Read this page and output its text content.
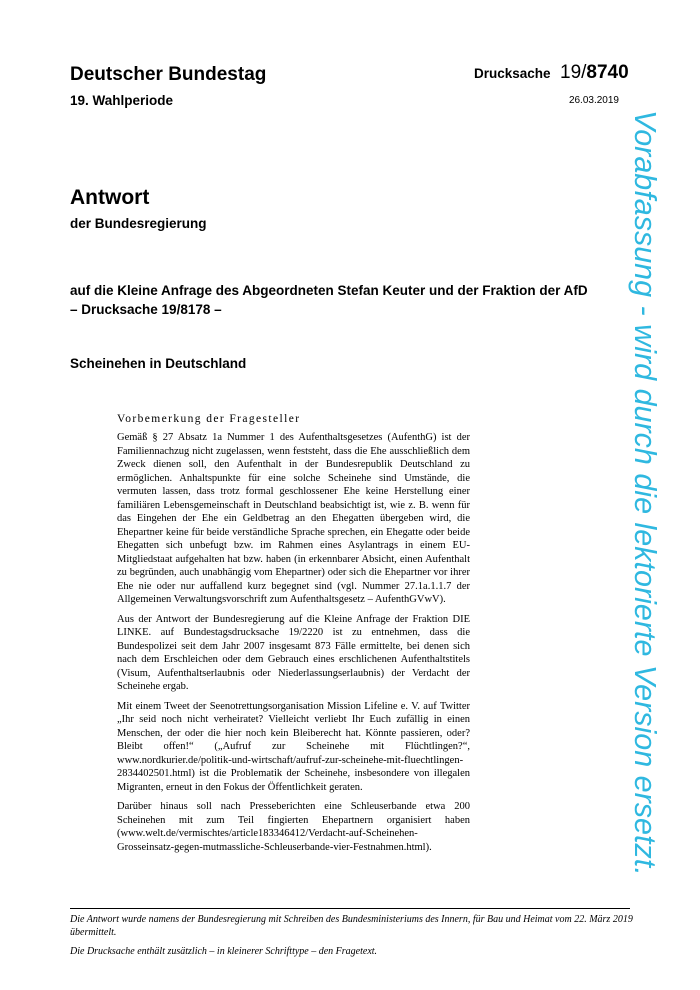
Deutscher Bundestag
19. Wahlperiode
Drucksache 19/8740
26.03.2019
Antwort
der Bundesregierung
auf die Kleine Anfrage des Abgeordneten Stefan Keuter und der Fraktion der AfD
– Drucksache 19/8178 –
Scheinehen in Deutschland
Vorbemerkung der Fragesteller

Gemäß § 27 Absatz 1a Nummer 1 des Aufenthaltsgesetzes (AufenthG) ist der Familiennachzug nicht zugelassen, wenn feststeht, dass die Ehe ausschließlich dem Zweck dienen soll, den Aufenthalt in der Bundesrepublik Deutschland zu ermöglichen. Anhaltspunkte für eine solche Scheinehe sind Umstände, die vermuten lassen, dass trotz formal geschlossener Ehe keine Herstellung einer familiären Lebensgemeinschaft in Deutschland beabsichtigt ist, wie z. B. wenn für das Eingehen der Ehe ein Geldbetrag an den Ehegatten übergeben wird, die Ehepartner keine für beide verständliche Sprache sprechen, ein Ehegatte oder beide Ehegatten sich unbefugt bzw. im Rahmen eines Asylantrags in einem EU-Mitgliedstaat aufgehalten hat bzw. haben (in erkennbarer Absicht, einen Aufenthalt zu begründen, auch unabhängig vom Ehepartner) oder sich die Ehepartner vor ihrer Ehe nie oder nur auffallend kurz begegnet sind (vgl. Nummer 27.1a.1.1.7 der Allgemeinen Verwaltungsvorschrift zum Aufenthaltsgesetz – AufenthGVwV).

Aus der Antwort der Bundesregierung auf die Kleine Anfrage der Fraktion DIE LINKE. auf Bundestagsdrucksache 19/2220 ist zu entnehmen, dass die Bundespolizei seit dem Jahr 2007 insgesamt 873 Fälle ermittelte, bei denen sich nach dem Erschleichen oder dem Gebrauch eines erschlichenen Aufenthaltstitels (Visum, Aufenthaltserlaubnis oder Niederlassungserlaubnis) der Verdacht der Scheinehe ergab.

Mit einem Tweet der Seenotrettungsorganisation Mission Lifeline e. V. auf Twitter „Ihr seid noch nicht verheiratet? Vielleicht verliebt Ihr Euch zufällig in einen Menschen, der oder die hier noch kein Bleiberecht hat. Könnte passieren, oder? Bleibt offen!“ („Aufruf zur Scheinehe mit Flüchtlingen?“, www.nordkurier.de/politik-und-wirtschaft/aufruf-zur-scheinehe-mit-fluechtlingen-2834402501.html) ist die Problematik der Scheinehe, insbesondere von illegalen Migranten, erneut in den Fokus der Öffentlichkeit geraten.

Darüber hinaus soll nach Presseberichten eine Schleuserbande etwa 200 Scheinehen mit zum Teil fingierten Ehepartnern organisiert haben (www.welt.de/vermischtes/article183346412/Verdacht-auf-Scheinehen-Grosseinsatz-gegen-mutmassliche-Schleuserbande-vier-Festnahmen.html).

Die Antwort wurde namens der Bundesregierung mit Schreiben des Bundesministeriums des Innern, für Bau und Heimat vom 22. März 2019 übermittelt.
Die Drucksache enthält zusätzlich – in kleinerer Schrifttype – den Fragetext.
Vorabfassung - wird durch die lektorierte Version ersetzt.
